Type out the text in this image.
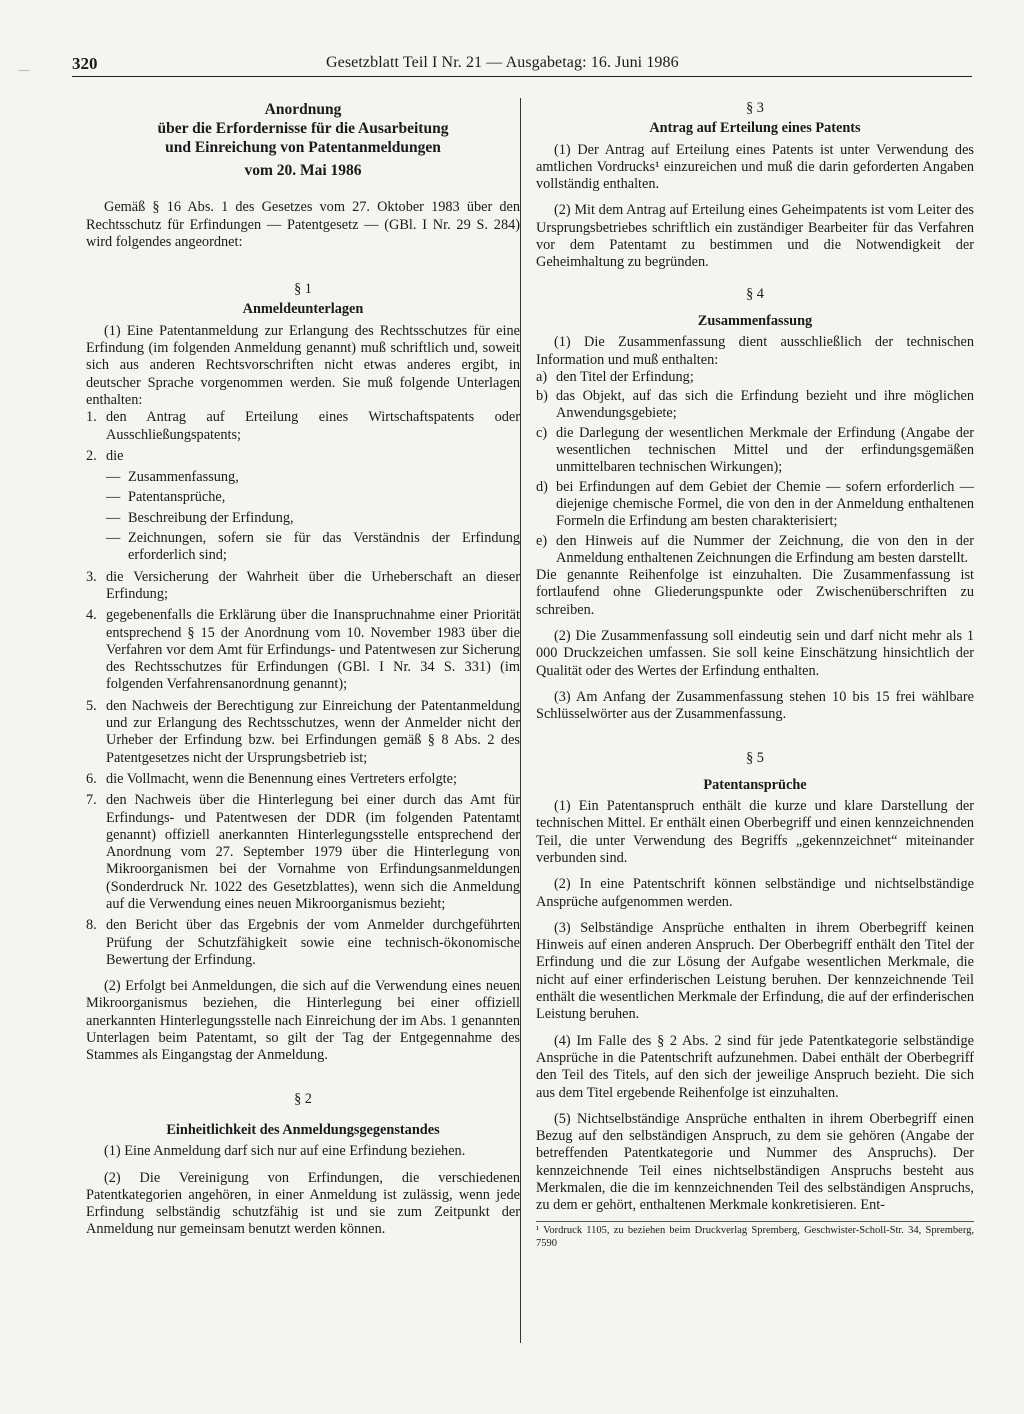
320	Gesetzblatt Teil I Nr. 21 — Ausgabetag: 16. Juni 1986
—

Anordnung

über die Erfordernisse für die Ausarbeitung

und Einreichung von Patentanmeldungen

vom 20. Mai 1986

Gemäß § 16 Abs. 1 des Gesetzes vom 27. Oktober 1983 über den Rechtsschutz für Erfindungen — Patentgesetz — (GBl. I Nr. 29 S. 284) wird folgendes angeordnet:

§ 1

Anmeldeunterlagen

(1) Eine Patentanmeldung zur Erlangung des Rechtsschutzes für eine Erfindung (im folgenden Anmeldung genannt) muß schriftlich und, soweit sich aus anderen Rechtsvorschriften nicht etwas anderes ergibt, in deutscher Sprache vorgenommen werden. Sie muß folgende Unterlagen enthalten:

1. den Antrag auf Erteilung eines Wirtschaftspatents oder Ausschließungspatents;
2. die
— Zusammenfassung,
— Patentansprüche,
— Beschreibung der Erfindung,
— Zeichnungen, sofern sie für das Verständnis der Erfindung erforderlich sind;
3. die Versicherung der Wahrheit über die Urheberschaft an dieser Erfindung;
4. gegebenenfalls die Erklärung über die Inanspruchnahme einer Priorität entsprechend § 15 der Anordnung vom 10. November 1983 über die Verfahren vor dem Amt für Erfindungs- und Patentwesen zur Sicherung des Rechtsschutzes für Erfindungen (GBl. I Nr. 34 S. 331) (im folgenden Verfahrensanordnung genannt);
5. den Nachweis der Berechtigung zur Einreichung der Patentanmeldung und zur Erlangung des Rechtsschutzes, wenn der Anmelder nicht der Urheber der Erfindung bzw. bei Erfindungen gemäß § 8 Abs. 2 des Patentgesetzes nicht der Ursprungsbetrieb ist;
6. die Vollmacht, wenn die Benennung eines Vertreters erfolgte;
7. den Nachweis über die Hinterlegung bei einer durch das Amt für Erfindungs- und Patentwesen der DDR (im folgenden Patentamt genannt) offiziell anerkannten Hinterlegungsstelle entsprechend der Anordnung vom 27. September 1979 über die Hinterlegung von Mikroorganismen bei der Vornahme von Erfindungsanmeldungen (Sonderdruck Nr. 1022 des Gesetzblattes), wenn sich die Anmeldung auf die Verwendung eines neuen Mikroorganismus bezieht;
8. den Bericht über das Ergebnis der vom Anmelder durchgeführten Prüfung der Schutzfähigkeit sowie eine technisch-ökonomische Bewertung der Erfindung.

(2) Erfolgt bei Anmeldungen, die sich auf die Verwendung eines neuen Mikroorganismus beziehen, die Hinterlegung bei einer offiziell anerkannten Hinterlegungsstelle nach Einreichung der im Abs. 1 genannten Unterlagen beim Patentamt, so gilt der Tag der Entgegennahme des Stammes als Eingangstag der Anmeldung.

§ 2

Einheitlichkeit des Anmeldungsgegenstandes

(1) Eine Anmeldung darf sich nur auf eine Erfindung beziehen.

(2) Die Vereinigung von Erfindungen, die verschiedenen Patentkategorien angehören, in einer Anmeldung ist zulässig, wenn jede Erfindung selbständig schutzfähig ist und sie zum Zeitpunkt der Anmeldung nur gemeinsam benutzt werden können.

§ 3

Antrag auf Erteilung eines Patents

(1) Der Antrag auf Erteilung eines Patents ist unter Verwendung des amtlichen Vordrucks¹ einzureichen und muß die darin geforderten Angaben vollständig enthalten.

(2) Mit dem Antrag auf Erteilung eines Geheimpatents ist vom Leiter des Ursprungsbetriebes schriftlich ein zuständiger Bearbeiter für das Verfahren vor dem Patentamt zu bestimmen und die Notwendigkeit der Geheimhaltung zu begründen.

§ 4

Zusammenfassung

(1) Die Zusammenfassung dient ausschließlich der technischen Information und muß enthalten:

a) den Titel der Erfindung;
b) das Objekt, auf das sich die Erfindung bezieht und ihre möglichen Anwendungsgebiete;
c) die Darlegung der wesentlichen Merkmale der Erfindung (Angabe der wesentlichen technischen Mittel und der erfindungsgemäßen unmittelbaren technischen Wirkungen);
d) bei Erfindungen auf dem Gebiet der Chemie — sofern erforderlich — diejenige chemische Formel, die von den in der Anmeldung enthaltenen Formeln die Erfindung am besten charakterisiert;
e) den Hinweis auf die Nummer der Zeichnung, die von den in der Anmeldung enthaltenen Zeichnungen die Erfindung am besten darstellt.

Die genannte Reihenfolge ist einzuhalten. Die Zusammenfassung ist fortlaufend ohne Gliederungspunkte oder Zwischenüberschriften zu schreiben.

(2) Die Zusammenfassung soll eindeutig sein und darf nicht mehr als 1 000 Druckzeichen umfassen. Sie soll keine Einschätzung hinsichtlich der Qualität oder des Wertes der Erfindung enthalten.

(3) Am Anfang der Zusammenfassung stehen 10 bis 15 frei wählbare Schlüsselwörter aus der Zusammenfassung.

§ 5

Patentansprüche

(1) Ein Patentanspruch enthält die kurze und klare Darstellung der technischen Mittel. Er enthält einen Oberbegriff und einen kennzeichnenden Teil, die unter Verwendung des Begriffs „gekennzeichnet“ miteinander verbunden sind.

(2) In eine Patentschrift können selbständige und nichtselbständige Ansprüche aufgenommen werden.

(3) Selbständige Ansprüche enthalten in ihrem Oberbegriff keinen Hinweis auf einen anderen Anspruch. Der Oberbegriff enthält den Titel der Erfindung und die zur Lösung der Aufgabe wesentlichen Merkmale, die nicht auf einer erfinderischen Leistung beruhen. Der kennzeichnende Teil enthält die wesentlichen Merkmale der Erfindung, die auf der erfinderischen Leistung beruhen.

(4) Im Falle des § 2 Abs. 2 sind für jede Patentkategorie selbständige Ansprüche in die Patentschrift aufzunehmen. Dabei enthält der Oberbegriff den Teil des Titels, auf den sich der jeweilige Anspruch bezieht. Die sich aus dem Titel ergebende Reihenfolge ist einzuhalten.

(5) Nichtselbständige Ansprüche enthalten in ihrem Oberbegriff einen Bezug auf den selbständigen Anspruch, zu dem sie gehören (Angabe der betreffenden Patentkategorie und Nummer des Anspruchs). Der kennzeichnende Teil eines nichtselbständigen Anspruchs besteht aus Merkmalen, die die im kennzeichnenden Teil des selbständigen Anspruchs, zu dem er gehört, enthaltenen Merkmale konkretisieren. Ent-

¹ Vordruck 1105, zu beziehen beim Druckverlag Spremberg, Geschwister-Scholl-Str. 34, Spremberg, 7590
